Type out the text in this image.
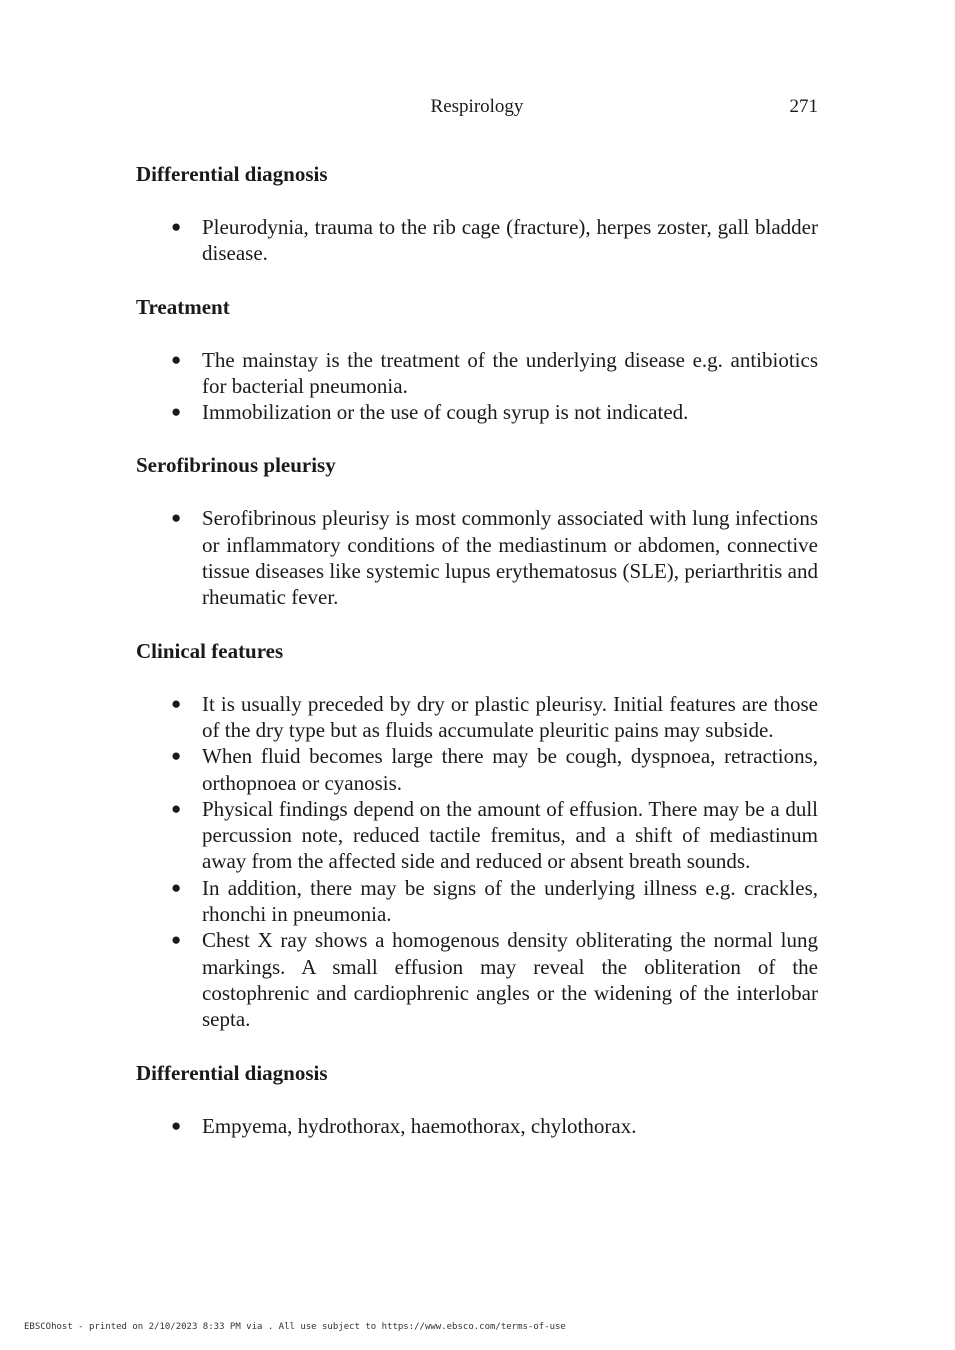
Respirology	271
Differential diagnosis
● Pleurodynia, trauma to the rib cage (fracture), herpes zoster, gall bladder disease.
Treatment
● The mainstay is the treatment of the underlying disease e.g. antibiotics for bacterial pneumonia.
● Immobilization or the use of cough syrup is not indicated.
Serofibrinous pleurisy
● Serofibrinous pleurisy is most commonly associated with lung infections or inflammatory conditions of the mediastinum or abdomen, connective tissue diseases like systemic lupus erythematosus (SLE), periarthritis and rheumatic fever.
Clinical features
● It is usually preceded by dry or plastic pleurisy. Initial features are those of the dry type but as fluids accumulate pleuritic pains may subside.
● When fluid becomes large there may be cough, dyspnoea, retractions, orthopnoea or cyanosis.
● Physical findings depend on the amount of effusion. There may be a dull percussion note, reduced tactile fremitus, and a shift of mediastinum away from the affected side and reduced or absent breath sounds.
● In addition, there may be signs of the underlying illness e.g. crackles, rhonchi in pneumonia.
● Chest X ray shows a homogenous density obliterating the normal lung markings. A small effusion may reveal the obliteration of the costophrenic and cardiophrenic angles or the widening of the interlobar septa.
Differential diagnosis
● Empyema, hydrothorax, haemothorax, chylothorax.
EBSCOhost - printed on 2/10/2023 8:33 PM via . All use subject to https://www.ebsco.com/terms-of-use
